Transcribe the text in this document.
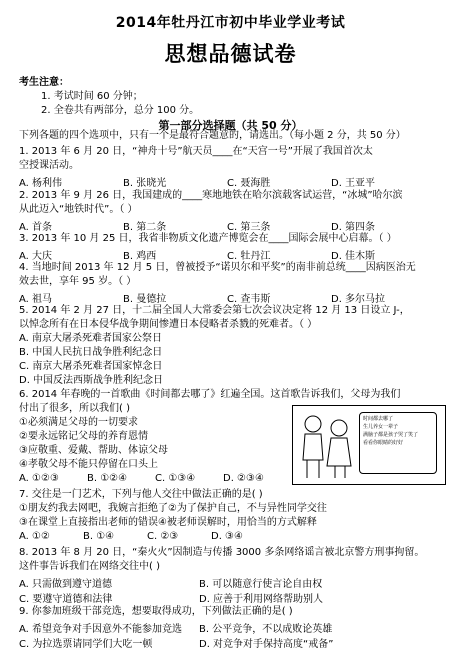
2014年牡丹江市初中毕业学业考试
思想品德试卷
考生注意：
1. 考试时间 60 分钟；
2. 全卷共有两部分，总分 100 分。
第一部分选择题（共 50 分）
下列各题的四个选项中，只有一个是最符合题意的，请选出。（每小题 2 分，共 50 分）
1. 2013 年 6 月 20 日，“神舟十号”航天员____在“天宫一号”开展了我国首次太
空授课活动。
A. 杨利伟	B. 张晓光	C. 聂海胜	D. 王亚平
2. 2013 年 9 月 26 日，我国建成的____寒地地铁在哈尔滨载客试运营，“冰城”哈尔滨
从此迈入“地铁时代”。（ ）
A. 首条	B. 第二条	C. 第三条	D. 第四条
3. 2013 年 10 月 25 日，我省非物质文化遗产博览会在____国际会展中心启幕。（ ）
A. 大庆	B. 鸡西	C. 牡丹江	D. 佳木斯
4. 当地时间 2013 年 12 月 5 日，曾被授予“诺贝尔和平奖”的南非前总统____因病医治无
效去世，享年 95 岁。（ ）
A. 祖马	B. 曼德拉	C. 查韦斯	D. 多尔马拉
5. 2014 年 2 月 27 日，十二届全国人大常委会第七次会议决定将 12 月 13 日设立 J-，
以悼念所有在日本侵华战争期间惨遭日本侵略者杀戮的死难者。（ ）
A. 南京大屠杀死难者国家公祭日
B. 中国人民抗日战争胜利纪念日
C. 南京大屠杀死难者国家悼念日
D. 中国反法西斯战争胜利纪念日
6. 2014 年春晚的一首歌曲《时间都去哪了》红遍全国。这首歌告诉我们，父母为我们
付出了很多，所以我们( )
①必须满足父母的一切要求
②要永远铭记父母的养育恩情
③应敬重、爱戴、帮助、体谅父母
④孝敬父母不能只停留在口头上
A. ①②③	B. ①②④	C. ①③④	D. ②③④
时间都去哪了
生儿养女一辈子
满脑子都是孩子哭了笑了
看看你眼睛的好好
7. 交往是一门艺术，下列与他人交往中做法正确的是( )
①朋友约我去网吧，我婉言拒绝了②为了保护自己，不与异性同学交往
③在课堂上直接指出老师的错误④被老师误解时，用恰当的方式解释
A. ①②	B. ①④	C. ②③	D. ③④
8. 2013 年 8 月 20 日，“秦火火”因制造与传播 3000 多条网络谣言被北京警方刑事拘留。
这件事告诉我们在网络交往中( )
A. 只需做到遵守道德	B. 可以随意行使言论自由权
C. 要遵守道德和法律	D. 应善于利用网络帮助别人
9. 你参加班级干部竞选，想要取得成功，下列做法正确的是( )
A. 希望竞争对手因意外不能参加竞选 B. 公平竞争，不以成败论英雄
C. 为拉选票请同学们大吃一顿	D. 对竞争对手保持高度“戒备”
